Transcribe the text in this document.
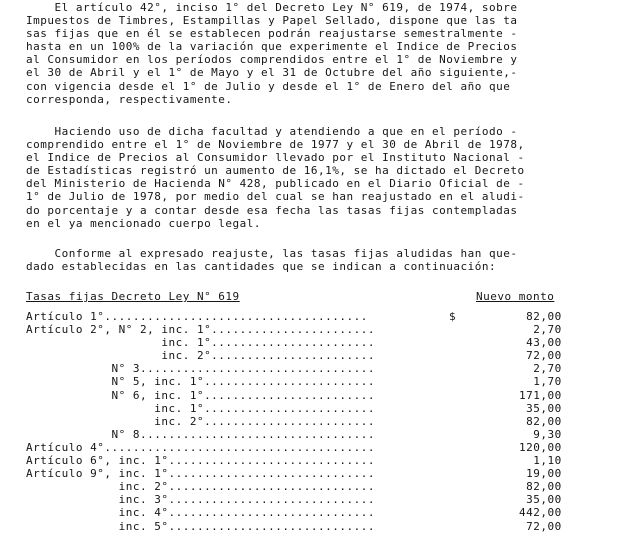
El artículo 42°, inciso 1° del Decreto Ley N° 619, de 1974, sobre
Impuestos de Timbres, Estampillas y Papel Sellado, dispone que las ta
sas fijas que en él se establecen podrán reajustarse semestralmente -
hasta en un 100% de la variación que experimente el Indice de Precios
al Consumidor en los períodos comprendidos entre el 1° de Noviembre y
el 30 de Abril y el 1° de Mayo y el 31 de Octubre del año siguiente,-
con vigencia desde el 1° de Julio y desde el 1° de Enero del año que
corresponda, respectivamente.
Haciendo uso de dicha facultad y atendiendo a que en el período -
comprendido entre el 1° de Noviembre de 1977 y el 30 de Abril de 1978,
el Indice de Precios al Consumidor llevado por el Instituto Nacional -
de Estadísticas registró un aumento de 16,1%, se ha dictado el Decreto
del Ministerio de Hacienda N° 428, publicado en el Diario Oficial de -
1° de Julio de 1978, por medio del cual se han reajustado en el aludi-
do porcentaje y a contar desde esa fecha las tasas fijas contempladas
en el ya mencionado cuerpo legal.
Conforme al expresado reajuste, las tasas fijas aludidas han que-
dado establecidas en las cantidades que se indican a continuación:
Tasas fijas Decreto Ley N° 619	Nuevo monto
Artículo 1°.....................................
Artículo 2°, N° 2, inc. 1°.......................
inc. 1°.......................
inc. 2°.......................
N° 3.................................
N° 5, inc. 1°........................
N° 6, inc. 1°........................
inc. 1°........................
inc. 2°........................
N° 8.................................
Artículo 4°......................................
Artículo 6°, inc. 1°.............................
Artículo 9°, inc. 1°.............................
inc. 2°.............................
inc. 3°.............................
inc. 4°.............................
inc. 5°.............................
$	82,00
2,70
43,00
72,00
2,70
1,70
171,00
35,00
82,00
9,30
120,00
1,10
19,00
82,00
35,00
442,00
72,00
